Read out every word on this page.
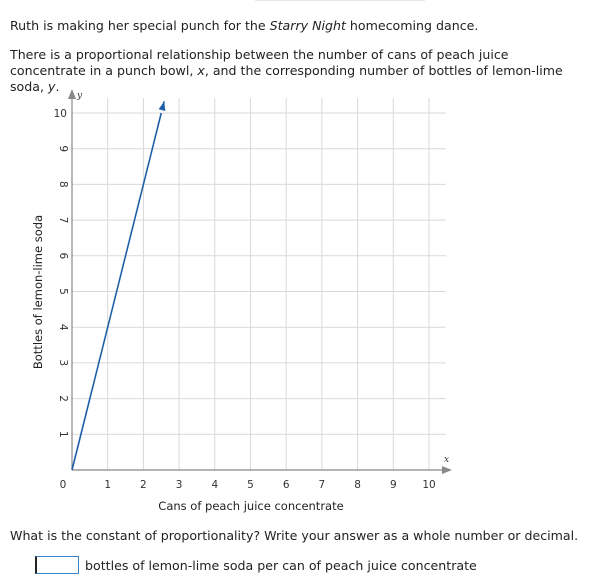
Ruth is making her special punch for the Starry Night homecoming dance.

There is a proportional relationship between the number of cans of peach juice concentrate in a punch bowl, x, and the corresponding number of bottles of lemon-lime soda, y.

0	1	2	3	4	5	6	7	8	9 10
1
2
3
4
5
6
7
8
9
10
Cans of peach juice concentrate
Bottles of lemon-lime soda
x
y

What is the constant of proportionality? Write your answer as a whole number or decimal.

bottles of lemon-lime soda per can of peach juice concentrate
